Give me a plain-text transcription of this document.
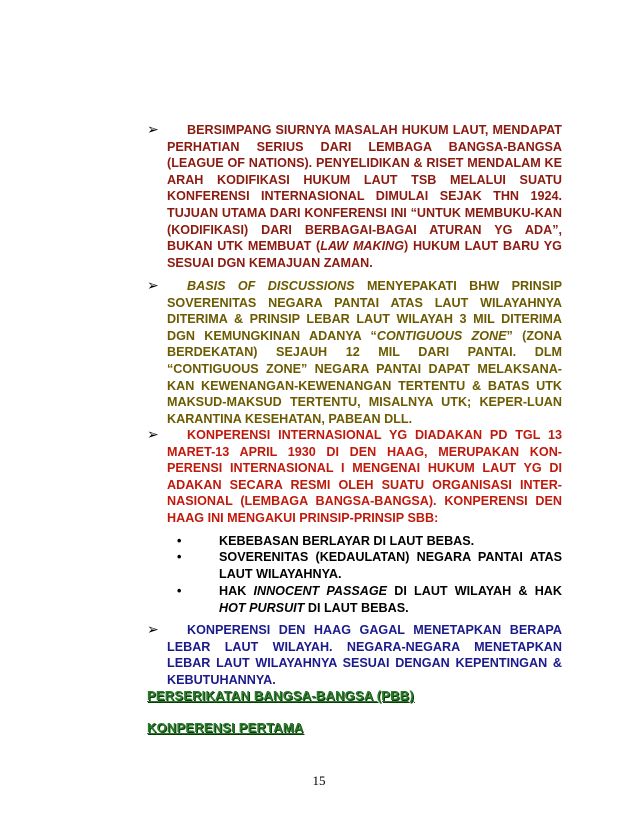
➢	BERSIMPANG SIURNYA MASALAH HUKUM LAUT, MENDAPAT PERHATIAN SERIUS DARI LEMBAGA BANGSA-BANGSA (LEAGUE OF NATIONS). PENYELIDIKAN & RISET MENDALAM KE ARAH KODIFIKASI HUKUM LAUT TSB MELALUI SUATU KONFERENSI INTERNASIONAL DIMULAI SEJAK THN 1924. TUJUAN UTAMA DARI KONFERENSI INI “UNTUK MEMBUKU-KAN (KODIFIKASI) DARI BERBAGAI-BAGAI ATURAN YG ADA”, BUKAN UTK MEMBUAT (LAW MAKING) HUKUM LAUT BARU YG SESUAI DGN KEMAJUAN ZAMAN.
➢	BASIS OF DISCUSSIONS MENYEPAKATI BHW PRINSIP SOVERENITAS NEGARA PANTAI ATAS LAUT WILAYAHNYA DITERIMA & PRINSIP LEBAR LAUT WILAYAH 3 MIL DITERIMA DGN KEMUNGKINAN ADANYA “CONTIGUOUS ZONE” (ZONA BERDEKATAN) SEJAUH 12 MIL DARI PANTAI. DLM “CONTIGUOUS ZONE” NEGARA PANTAI DAPAT MELAKSANA-KAN KEWENANGAN-KEWENANGAN TERTENTU & BATAS UTK MAKSUD-MAKSUD TERTENTU, MISALNYA UTK; KEPER-LUAN KARANTINA KESEHATAN, PABEAN DLL.
➢	KONPERENSI INTERNASIONAL YG DIADAKAN PD TGL 13 MARET-13 APRIL 1930 DI DEN HAAG, MERUPAKAN KON-PERENSI INTERNASIONAL I MENGENAI HUKUM LAUT YG DI ADAKAN SECARA RESMI OLEH SUATU ORGANISASI INTER-NASIONAL (LEMBAGA BANGSA-BANGSA). KONPERENSI DEN HAAG INI MENGAKUI PRINSIP-PRINSIP SBB:
•	KEBEBASAN BERLAYAR DI LAUT BEBAS.
•	SOVERENITAS (KEDAULATAN) NEGARA PANTAI ATAS LAUT WILAYAHNYA.
•	HAK INNOCENT PASSAGE DI LAUT WILAYAH & HAK HOT PURSUIT DI LAUT BEBAS.
➢	KONPERENSI DEN HAAG GAGAL MENETAPKAN BERAPA LEBAR LAUT WILAYAH. NEGARA-NEGARA MENETAPKAN LEBAR LAUT WILAYAHNYA SESUAI DENGAN KEPENTINGAN & KEBUTUHANNYA.
PERSERIKATAN BANGSA-BANGSA (PBB)
KONPERENSI PERTAMA
15
